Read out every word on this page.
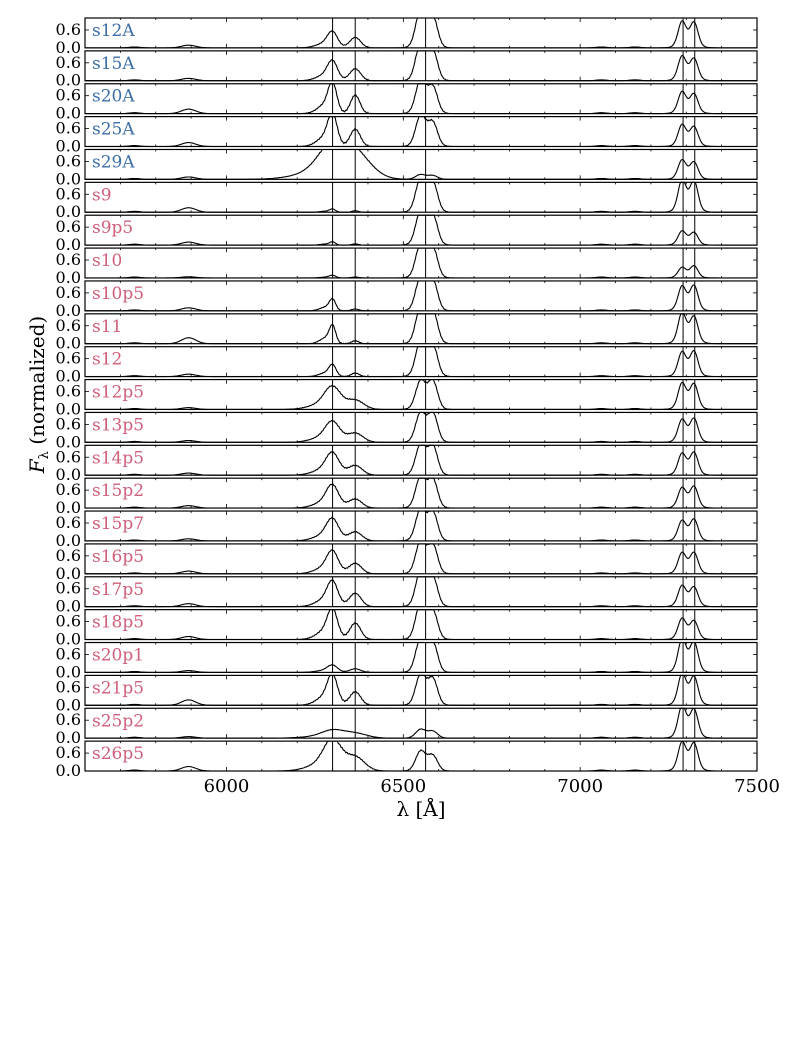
0.0
0.6 s12A
0.0
0.6 s15A
0.0
0.6 s20A
0.0
0.6 s25A
0.0
0.6 s29A
0.0
0.6 s9
0.0
0.6 s9p5
0.0
0.6 s10
0.0
0.6 s10p5
0.0
0.6 s11
0.0
0.6 s12
0.0
0.6 s12p5
0.0
0.6 s13p5
0.0
0.6 s14p5
0.0
0.6 s15p2
0.0
0.6 s15p7
0.0
0.6 s16p5
0.0
0.6 s17p5
0.0
0.6 s18p5
0.0
0.6 s20p1
0.0
0.6 s21p5
0.0
0.6 s25p2
0.0
0.6 s26p5
6000	6500	7000	7500
λ [Å]
$F_\lambda$ (normalized)
